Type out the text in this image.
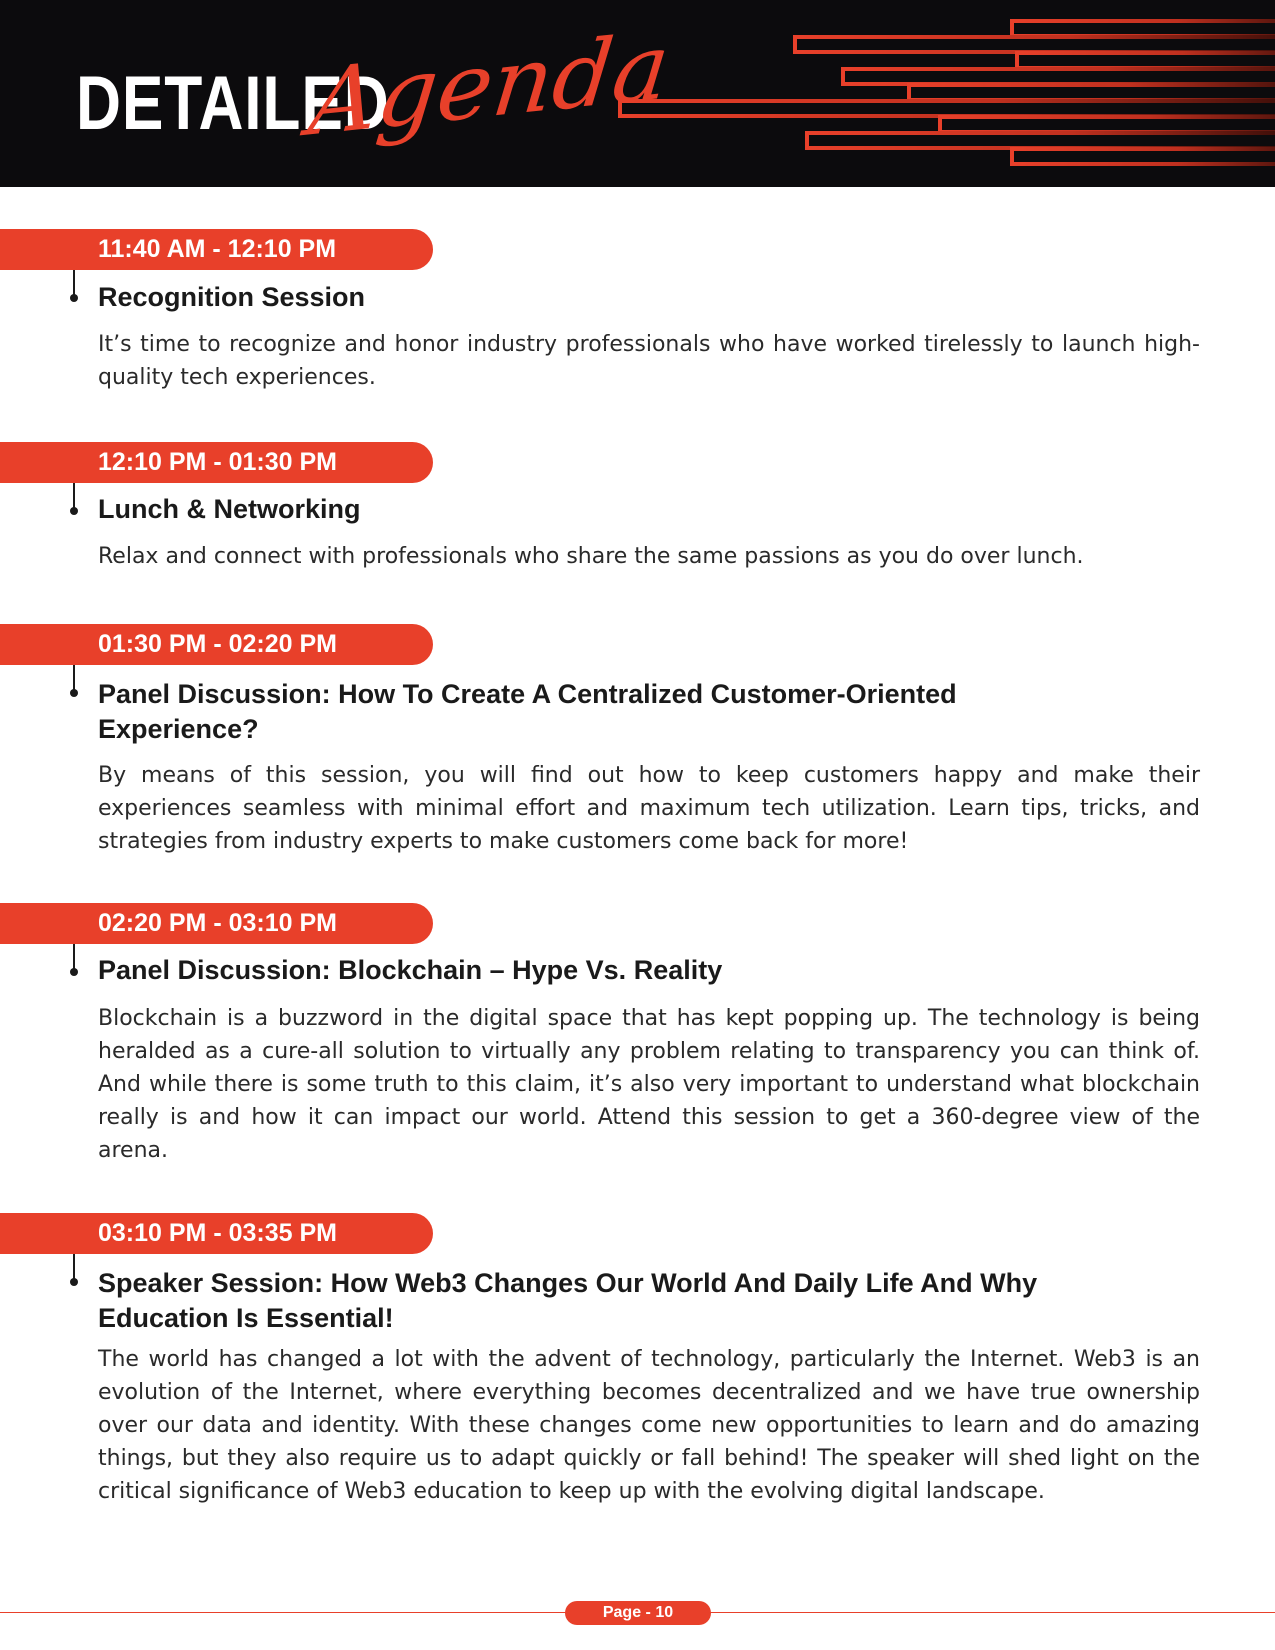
DETAILED
Agenda
11:40 AM - 12:10 PM
Recognition Session
It’s time to recognize and honor industry professionals who have worked tirelessly to launch high-quality tech experiences.
12:10 PM - 01:30 PM
Lunch & Networking
Relax and connect with professionals who share the same passions as you do over lunch.
01:30 PM - 02:20 PM
Panel Discussion: How To Create A Centralized Customer-Oriented Experience?
By means of this session, you will find out how to keep customers happy and make their experiences seamless with minimal effort and maximum tech utilization. Learn tips, tricks, and strategies from industry experts to make customers come back for more!
02:20 PM - 03:10 PM
Panel Discussion: Blockchain – Hype Vs. Reality
Blockchain is a buzzword in the digital space that has kept popping up. The technology is being heralded as a cure-all solution to virtually any problem relating to transparency you can think of. And while there is some truth to this claim, it’s also very important to understand what blockchain really is and how it can impact our world. Attend this session to get a 360-degree view of the arena.
03:10 PM - 03:35 PM
Speaker Session: How Web3 Changes Our World And Daily Life And Why Education Is Essential!
The world has changed a lot with the advent of technology, particularly the Internet. Web3 is an evolution of the Internet, where everything becomes decentralized and we have true ownership over our data and identity. With these changes come new opportunities to learn and do amazing things, but they also require us to adapt quickly or fall behind! The speaker will shed light on the critical significance of Web3 education to keep up with the evolving digital landscape.
Page - 10
